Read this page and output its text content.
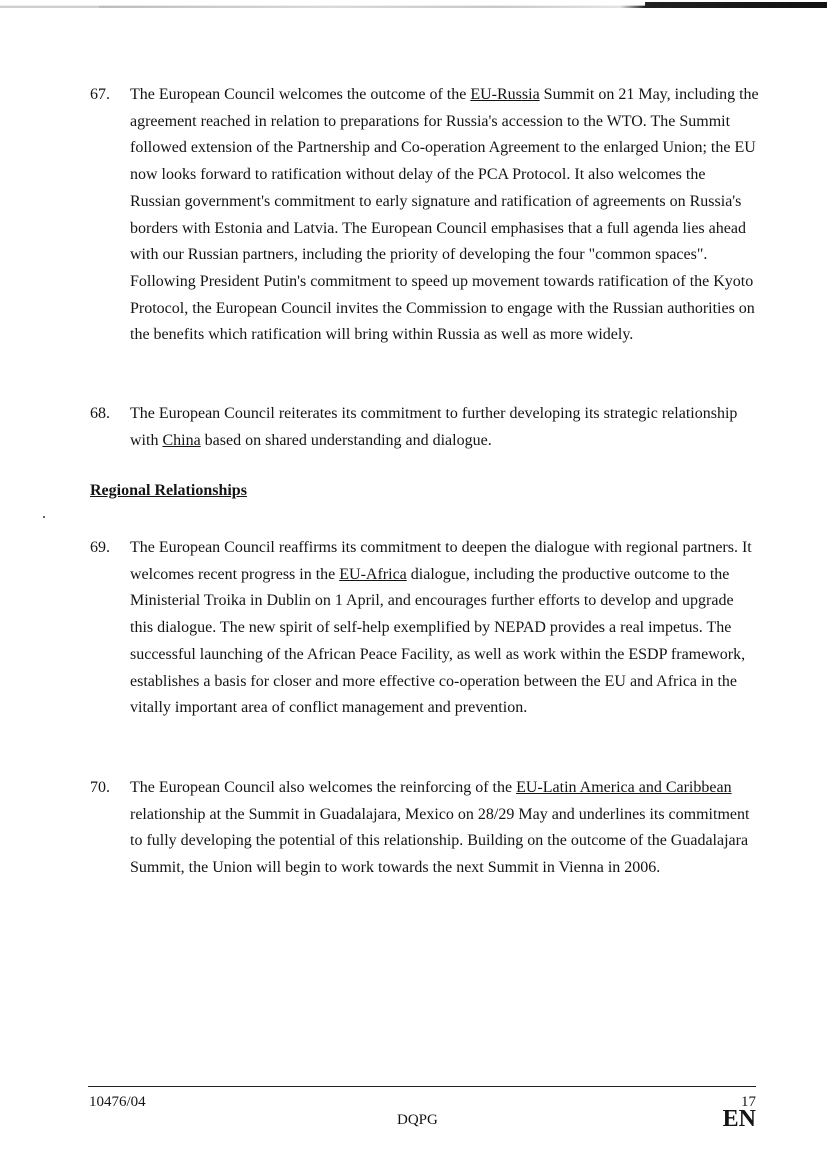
67. The European Council welcomes the outcome of the EU-Russia Summit on 21 May, including the agreement reached in relation to preparations for Russia's accession to the WTO. The Summit followed extension of the Partnership and Co-operation Agreement to the enlarged Union; the EU now looks forward to ratification without delay of the PCA Protocol. It also welcomes the Russian government's commitment to early signature and ratification of agreements on Russia's borders with Estonia and Latvia. The European Council emphasises that a full agenda lies ahead with our Russian partners, including the priority of developing the four "common spaces". Following President Putin's commitment to speed up movement towards ratification of the Kyoto Protocol, the European Council invites the Commission to engage with the Russian authorities on the benefits which ratification will bring within Russia as well as more widely.
68. The European Council reiterates its commitment to further developing its strategic relationship with China based on shared understanding and dialogue.
Regional Relationships
69. The European Council reaffirms its commitment to deepen the dialogue with regional partners. It welcomes recent progress in the EU-Africa dialogue, including the productive outcome to the Ministerial Troika in Dublin on 1 April, and encourages further efforts to develop and upgrade this dialogue. The new spirit of self-help exemplified by NEPAD provides a real impetus. The successful launching of the African Peace Facility, as well as work within the ESDP framework, establishes a basis for closer and more effective co-operation between the EU and Africa in the vitally important area of conflict management and prevention.
70. The European Council also welcomes the reinforcing of the EU-Latin America and Caribbean relationship at the Summit in Guadalajara, Mexico on 28/29 May and underlines its commitment to fully developing the potential of this relationship. Building on the outcome of the Guadalajara Summit, the Union will begin to work towards the next Summit in Vienna in 2006.
10476/04
DQPG
17
EN
